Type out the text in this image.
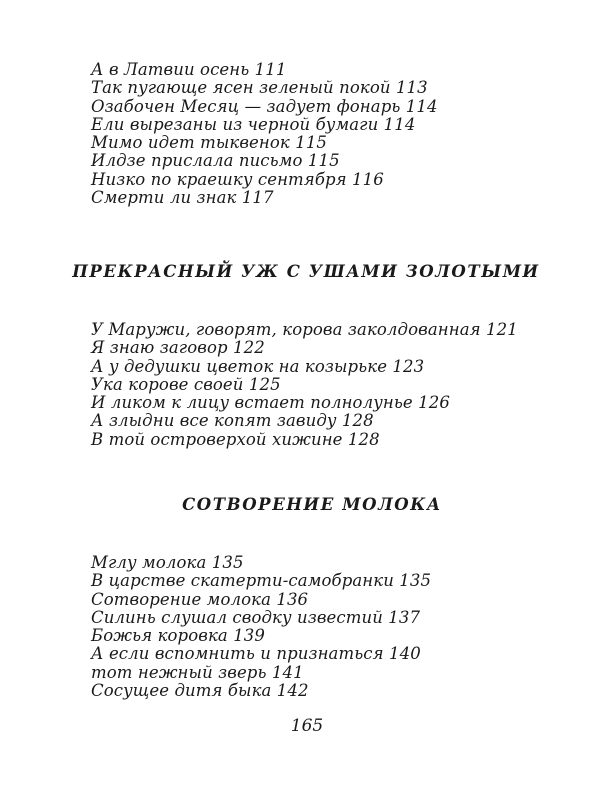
А в Латвии осень 111
Так пугающе ясен зеленый покой 113
Озабочен Месяц — задует фонарь 114
Ели вырезаны из черной бумаги 114
Мимо идет тыквенок 115
Илдзе прислала письмо 115
Низко по краешку сентября 116
Смерти ли знак 117
ПРЕКРАСНЫЙ УЖ С УШАМИ ЗОЛОТЫМИ
У Маружи, говорят, корова заколдованная 121
Я знаю заговор 122
А у дедушки цветок на козырьке 123
Ука корове своей 125
И ликом к лицу встает полнолунье 126
А злыдни все копят завиду 128
В той островерхой хижине 128
СОТВОРЕНИЕ МОЛОКА
Мглу молока 135
В царстве скатерти-самобранки 135
Сотворение молока 136
Силинь слушал сводку известий 137
Божья коровка 139
А если вспомнить и признаться 140
тот нежный зверь 141
Сосущее дитя быка 142
165
